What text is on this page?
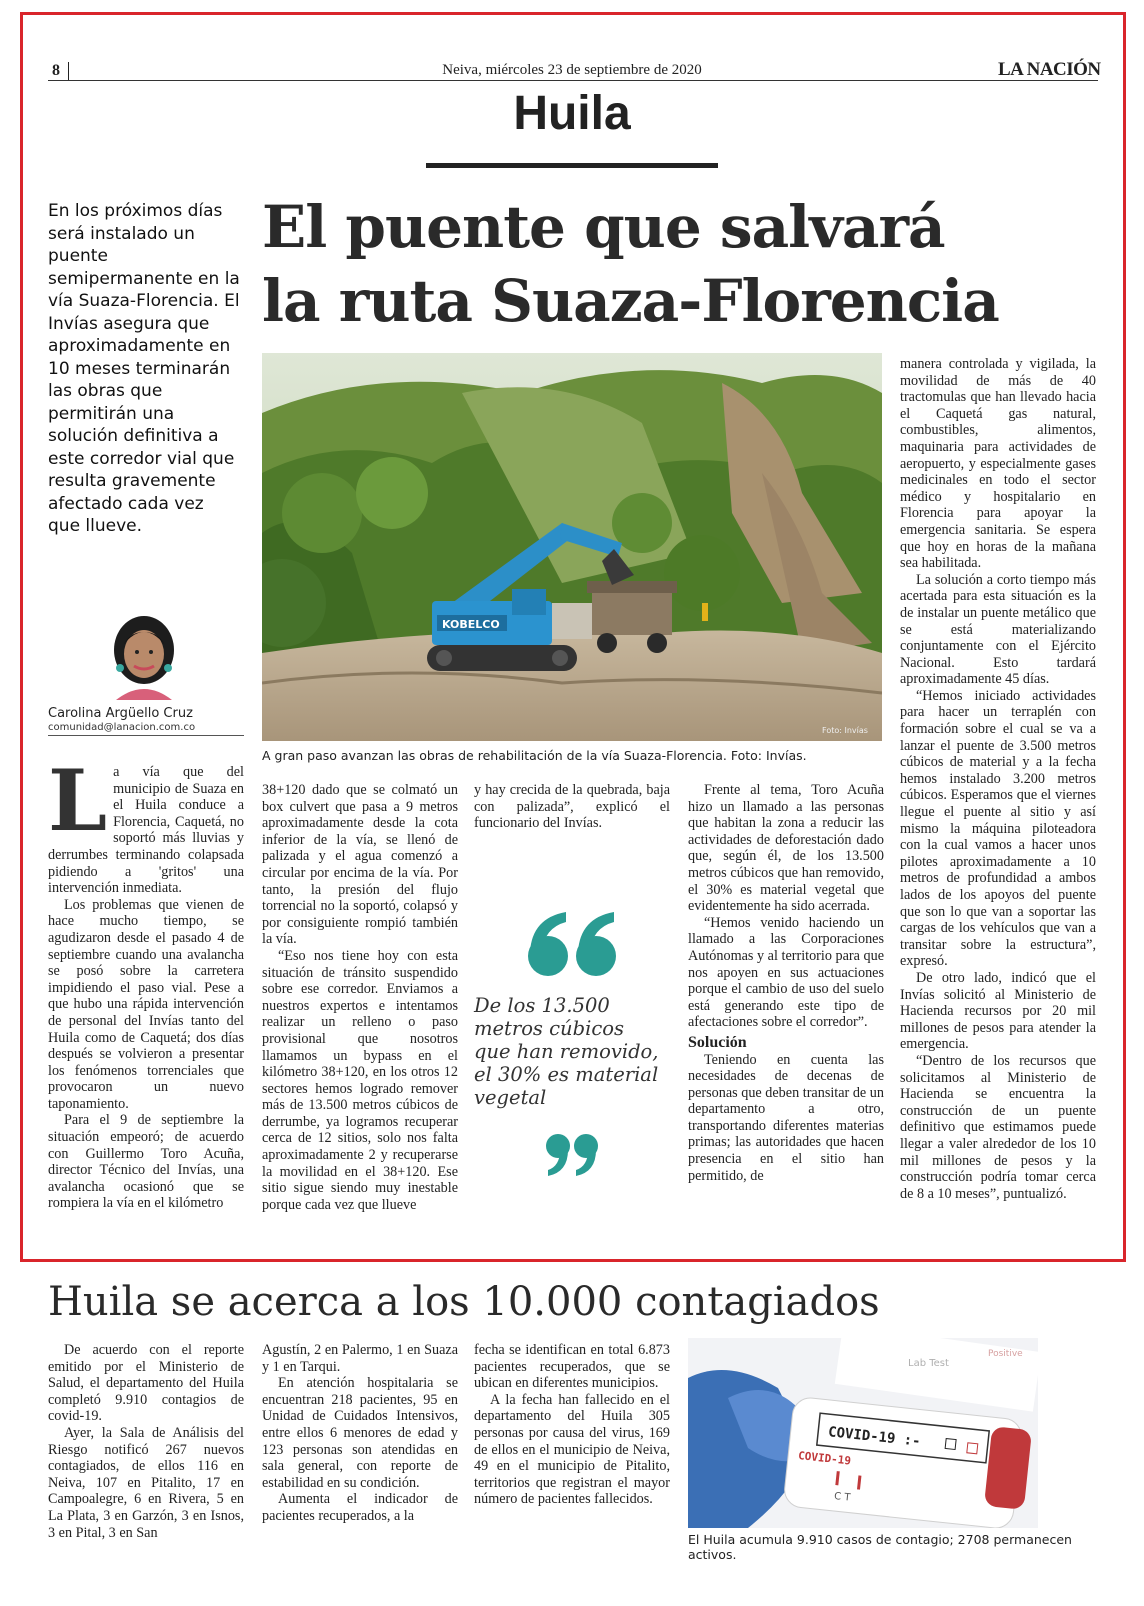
8	Neiva, miércoles 23 de septiembre de 2020	LA NACIÓN
Huila
En los próximos días será instalado un puente semipermanente en la vía Suaza-Florencia. El Invías asegura que aproximadamente en 10 meses terminarán las obras que permitirán una solución definitiva a este corredor vial que resulta gravemente afectado cada vez que llueve.
El puente que salvará
la ruta Suaza-Florencia
KOBELCO
Foto: Invías
A gran paso avanzan las obras de rehabilitación de la vía Suaza-Florencia. Foto: Invías.
Carolina Argüello Cruz
comunidad@lanacion.com.co

La vía que del municipio de Suaza en el Huila conduce a Florencia, Caquetá, no soportó más lluvias y derrumbes terminando colapsada pidiendo a 'gritos' una intervención inmediata.

Los problemas que vienen de hace mucho tiempo, se agudizaron desde el pasado 4 de septiembre cuando una avalancha se posó sobre la carretera impidiendo el paso vial. Pese a que hubo una rápida intervención de personal del Invías tanto del Huila como de Caquetá; dos días después se volvieron a presentar los fenómenos torrenciales que provocaron un nuevo taponamiento.

Para el 9 de septiembre la situación empeoró; de acuerdo con Guillermo Toro Acuña, director Técnico del Invías, una avalancha ocasionó que se rompiera la vía en el kilómetro

38+120 dado que se colmató un box culvert que pasa a 9 metros aproximadamente desde la cota inferior de la vía, se llenó de palizada y el agua comenzó a circular por encima de la vía. Por tanto, la presión del flujo torrencial no la soportó, colapsó y por consiguiente rompió también la vía.

“Eso nos tiene hoy con esta situación de tránsito suspendido sobre ese corredor. Enviamos a nuestros expertos e intentamos realizar un relleno o paso provisional que nosotros llamamos un bypass en el kilómetro 38+120, en los otros 12 sectores hemos logrado remover más de 13.500 metros cúbicos de derrumbe, ya logramos recuperar cerca de 12 sitios, solo nos falta aproximadamente 2 y recuperarse la movilidad en el 38+120. Ese sitio sigue siendo muy inestable porque cada vez que llueve

y hay crecida de la quebrada, baja con palizada”, explicó el funcionario del Invías.

De los 13.500 metros cúbicos que han removido, el 30% es material vegetal

Frente al tema, Toro Acuña hizo un llamado a las personas que habitan la zona a reducir las actividades de deforestación dado que, según él, de los 13.500 metros cúbicos que han removido, el 30% es material vegetal que evidentemente ha sido acerrada.

“Hemos venido haciendo un llamado a las Corporaciones Autónomas y al territorio para que nos apoyen en sus actuaciones porque el cambio de uso del suelo está generando este tipo de afectaciones sobre el corredor”.

Solución

Teniendo en cuenta las necesidades de decenas de personas que deben transitar de un departamento a otro, transportando diferentes materias primas; las autoridades que hacen presencia en el sitio han permitido, de

manera controlada y vigilada, la movilidad de más de 40 tractomulas que han llevado hacia el Caquetá gas natural, combustibles, alimentos, maquinaria para actividades de aeropuerto, y especialmente gases medicinales en todo el sector médico y hospitalario en Florencia para apoyar la emergencia sanitaria. Se espera que hoy en horas de la mañana sea habilitada.

La solución a corto tiempo más acertada para esta situación es la de instalar un puente metálico que se está materializando conjuntamente con el Ejército Nacional. Esto tardará aproximadamente 45 días.

“Hemos iniciado actividades para hacer un terraplén con formación sobre el cual se va a lanzar el puente de 3.500 metros cúbicos de material y a la fecha hemos instalado 3.200 metros cúbicos. Esperamos que el viernes llegue el puente al sitio y así mismo la máquina piloteadora con la cual vamos a hacer unos pilotes aproximadamente a 10 metros de profundidad a ambos lados de los apoyos del puente que son lo que van a soportar las cargas de los vehículos que van a transitar sobre la estructura”, expresó.

De otro lado, indicó que el Invías solicitó al Ministerio de Hacienda recursos por 20 mil millones de pesos para atender la emergencia.

“Dentro de los recursos que solicitamos al Ministerio de Hacienda se encuentra la construcción de un puente definitivo que estimamos puede llegar a valer alrededor de los 10 mil millones de pesos y la construcción podría tomar cerca de 8 a 10 meses”, puntualizó.

Huila se acerca a los 10.000 contagiados

De acuerdo con el reporte emitido por el Ministerio de Salud, el departamento del Huila completó 9.910 contagios de covid-19.

Ayer, la Sala de Análisis del Riesgo notificó 267 nuevos contagiados, de ellos 116 en Neiva, 107 en Pitalito, 17 en Campoalegre, 6 en Rivera, 5 en La Plata, 3 en Garzón, 3 en Isnos, 3 en Pital, 3 en San

Agustín, 2 en Palermo, 1 en Suaza y 1 en Tarqui.

En atención hospitalaria se encuentran 218 pacientes, 95 en Unidad de Cuidados Intensivos, entre ellos 6 menores de edad y 123 personas son atendidas en sala general, con reporte de estabilidad en su condición.

Aumenta el indicador de pacientes recuperados, a la

fecha se identifican en total 6.873 pacientes recuperados, que se ubican en diferentes municipios.

A la fecha han fallecido en el departamento del Huila 305 personas por causa del virus, 169 de ellos en el municipio de Neiva, 49 en el municipio de Pitalito, territorios que registran el mayor número de pacientes fallecidos.

Lab Test
Positive
COVID-19 :-
COVID-19
C T
El Huila acumula 9.910 casos de contagio; 2708 permanecen activos.
